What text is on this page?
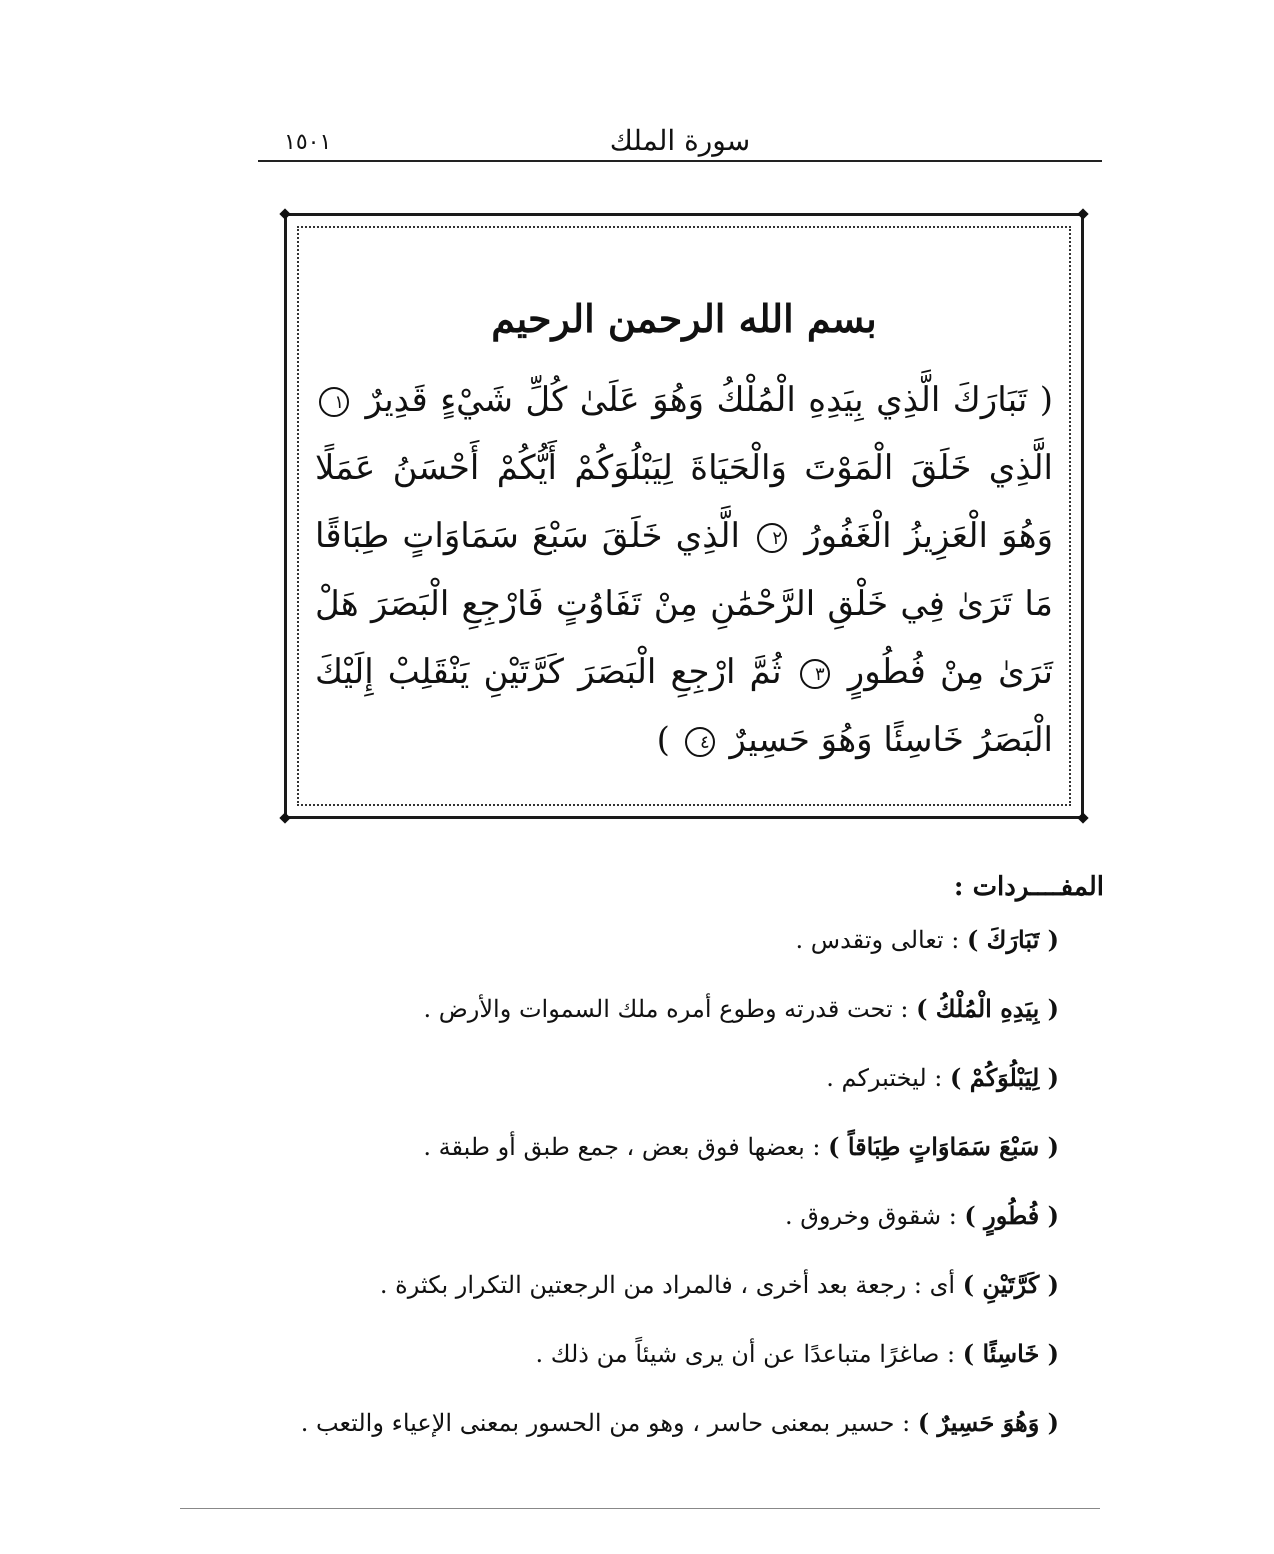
١٥٠١	سورة الملك
بسم الله الرحمن الرحيم
( تَبَارَكَ الَّذِي بِيَدِهِ الْمُلْكُ وَهُوَ عَلَىٰ كُلِّ شَيْءٍ قَدِيرٌ ١ الَّذِي خَلَقَ الْمَوْتَ وَالْحَيَاةَ لِيَبْلُوَكُمْ أَيُّكُمْ أَحْسَنُ عَمَلًا وَهُوَ الْعَزِيزُ الْغَفُورُ ٢ الَّذِي خَلَقَ سَبْعَ سَمَاوَاتٍ طِبَاقًا مَا تَرَىٰ فِي خَلْقِ الرَّحْمَٰنِ مِنْ تَفَاوُتٍ فَارْجِعِ الْبَصَرَ هَلْ تَرَىٰ مِنْ فُطُورٍ ٣ ثُمَّ ارْجِعِ الْبَصَرَ كَرَّتَيْنِ يَنْقَلِبْ إِلَيْكَ الْبَصَرُ خَاسِئًا وَهُوَ حَسِيرٌ ٤ )
المفــــردات :
( تَبَارَكَ ) : تعالى وتقدس .
( بِيَدِهِ الْمُلْكُ ) : تحت قدرته وطوع أمره ملك السموات والأرض .
( لِيَبْلُوَكُمْ ) : ليختبركم .
( سَبْعَ سَمَاوَاتٍ طِبَاقاً ) : بعضها فوق بعض ، جمع طبق أو طبقة .
( فُطُورٍ ) : شقوق وخروق .
( كَرَّتَيْنِ ) أى : رجعة بعد أخرى ، فالمراد من الرجعتين التكرار بكثرة .
( خَاسِئًا ) : صاغرًا متباعدًا عن أن يرى شيئاً من ذلك .
( وَهُوَ حَسِيرٌ ) : حسير بمعنى حاسر ، وهو من الحسور بمعنى الإعياء والتعب .
